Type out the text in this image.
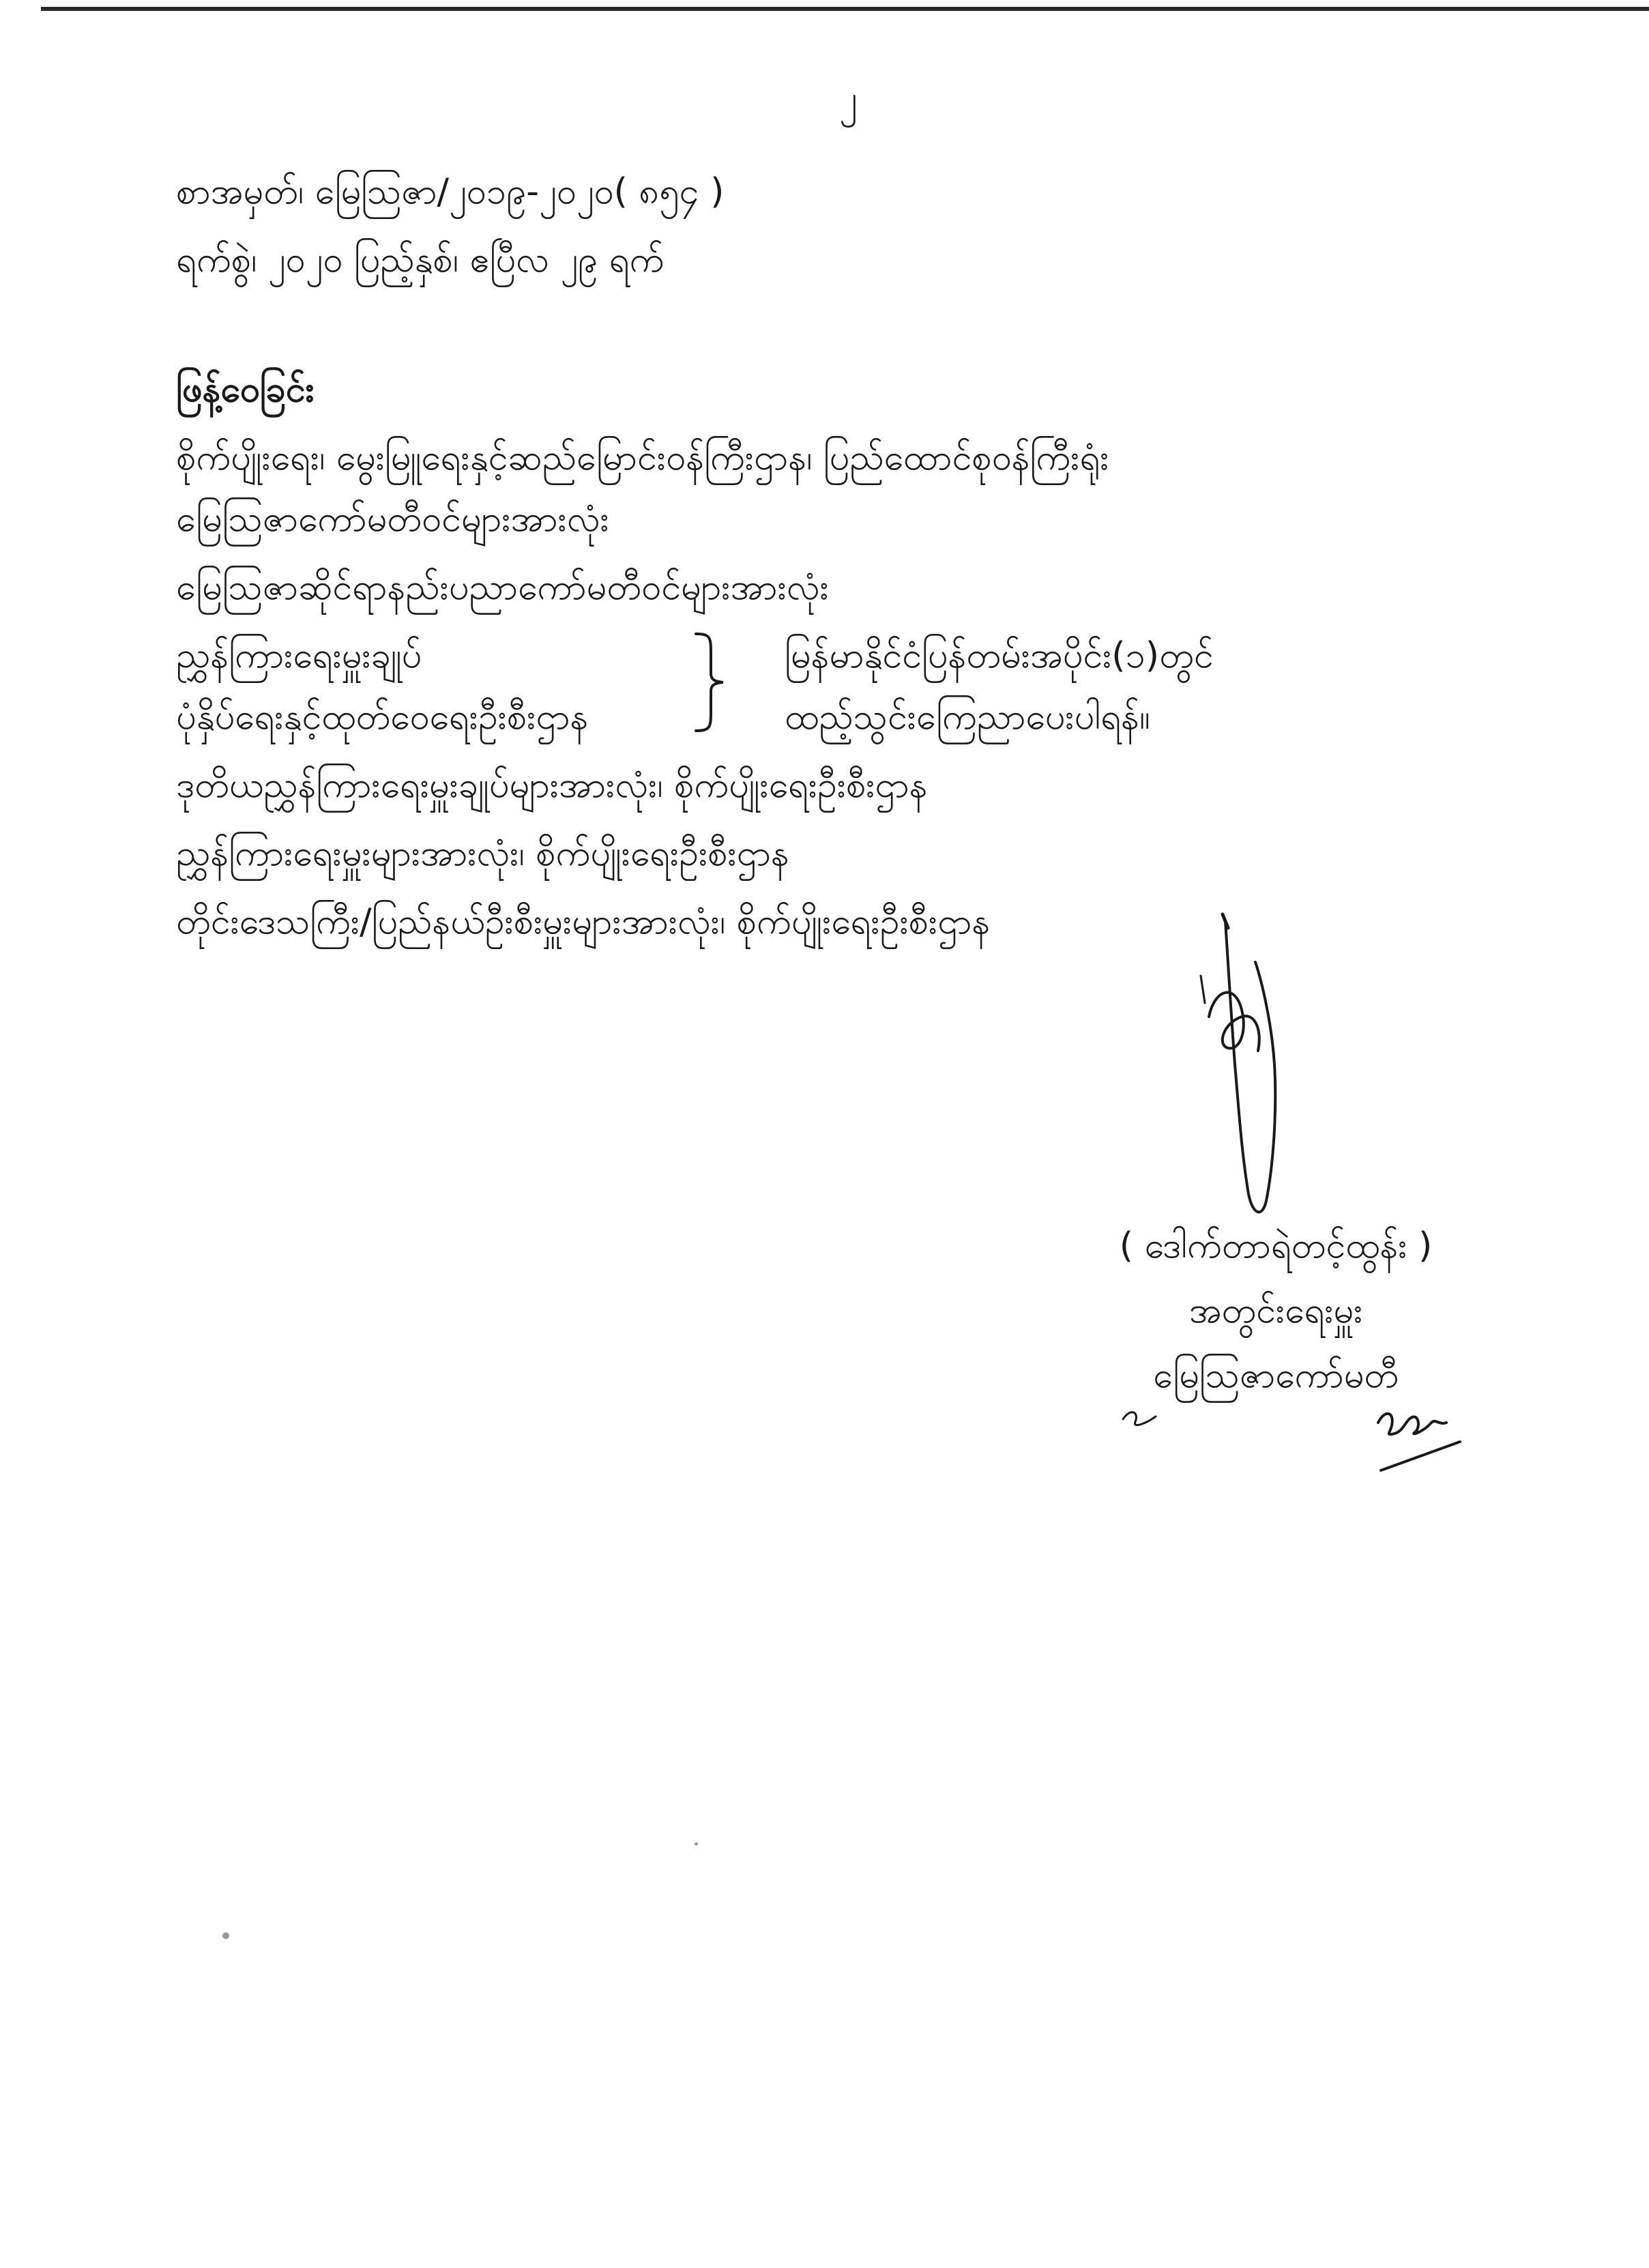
၂
စာအမှတ်၊ မြေသြဇာ/၂၀၁၉-၂၀၂၀( ၈၅၄ )
ရက်စွဲ၊ ၂၀၂၀ ပြည့်နှစ်၊ ဧပြီလ ၂၉ ရက်
ဖြန့်ဝေခြင်း
စိုက်ပျိုးရေး၊ မွေးမြူရေးနှင့်ဆည်မြောင်းဝန်ကြီးဌာန၊ ပြည်ထောင်စုဝန်ကြီးရုံး
မြေသြဇာကော်မတီဝင်များအားလုံး
မြေသြဇာဆိုင်ရာနည်းပညာကော်မတီဝင်များအားလုံး
ညွှန်ကြားရေးမှူးချုပ်
ပုံနှိပ်ရေးနှင့်ထုတ်ဝေရေးဦးစီးဌာန
မြန်မာနိုင်ငံပြန်တမ်းအပိုင်း(၁)တွင်
ထည့်သွင်းကြေညာပေးပါရန်။
ဒုတိယညွှန်ကြားရေးမှူးချုပ်များအားလုံး၊ စိုက်ပျိုးရေးဦးစီးဌာန
ညွှန်ကြားရေးမှူးများအားလုံး၊ စိုက်ပျိုးရေးဦးစီးဌာန
တိုင်းဒေသကြီး/ပြည်နယ်ဦးစီးမှူးများအားလုံး၊ စိုက်ပျိုးရေးဦးစီးဌာန
( ဒေါက်တာရဲတင့်ထွန်း )
အတွင်းရေးမှူး
မြေသြဇာကော်မတီ
